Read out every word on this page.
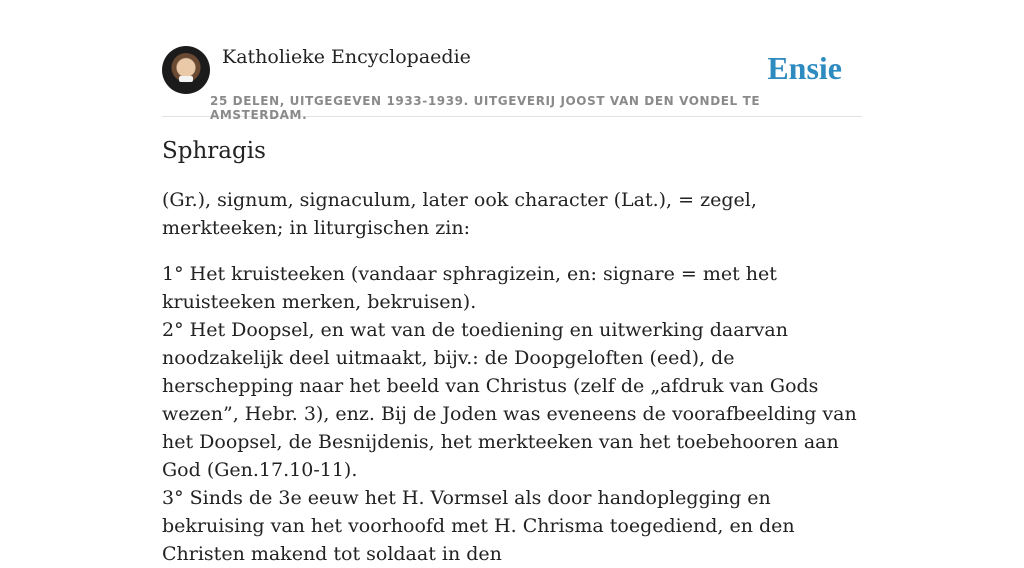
Katholieke Encyclopaedie	Ensie
25 DELEN, UITGEGEVEN 1933-1939. UITGEVERIJ JOOST VAN DEN VONDEL TE AMSTERDAM.
Sphragis

(Gr.), signum, signaculum, later ook character (Lat.), = zegel, merkteeken; in liturgischen zin:

1° Het kruisteeken (vandaar sphragizein, en: signare = met het kruisteeken merken, bekruisen).

2° Het Doopsel, en wat van de toediening en uitwerking daarvan noodzakelijk deel uitmaakt, bijv.: de Doopgeloften (eed), de herschepping naar het beeld van Christus (zelf de „afdruk van Gods wezen”, Hebr. 3), enz. Bij de Joden was eveneens de voorafbeelding van het Doopsel, de Besnijdenis, het merkteeken van het toebehooren aan God (Gen.17.10-11).

3° Sinds de 3e eeuw het H. Vormsel als door handoplegging en bekruising van het voorhoofd met H. Chrisma toegediend, en den Christen makend tot soldaat in den
